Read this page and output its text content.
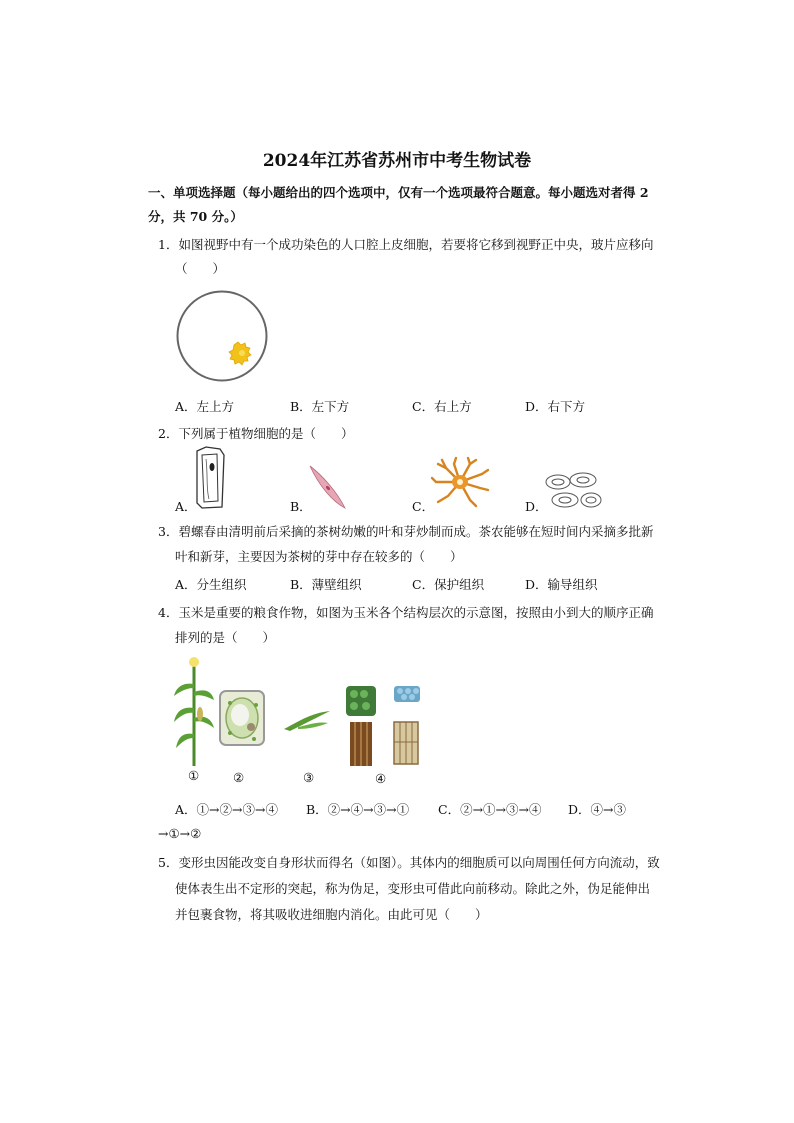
2024年江苏省苏州市中考生物试卷
一、单项选择题（每小题给出的四个选项中，仅有一个选项最符合题意。每小题选对者得 2
分，共 70 分。）
1．如图视野中有一个成功染色的人口腔上皮细胞，若要将它移到视野正中央，玻片应移向
（　　）
A．左上方	B．左下方	C．右上方	D．右下方
2．下列属于植物细胞的是（　　）
A．	B．	C．	D．
3．碧螺春由清明前后采摘的茶树幼嫩的叶和芽炒制而成。茶农能够在短时间内采摘多批新
叶和新芽，主要因为茶树的芽中存在较多的（　　）
A．分生组织	B．薄壁组织	C．保护组织	D．输导组织
4．玉米是重要的粮食作物，如图为玉米各个结构层次的示意图，按照由小到大的顺序正确
排列的是（　　）
①	②	③	④
A．①→②→③→④ B．②→④→③→① C．②→①→③→④ D．④→③
→①→②
5．变形虫因能改变自身形状而得名（如图）。其体内的细胞质可以向周围任何方向流动，致
使体表生出不定形的突起，称为伪足，变形虫可借此向前移动。除此之外，伪足能伸出
并包裹食物，将其吸收进细胞内消化。由此可见（　　）
